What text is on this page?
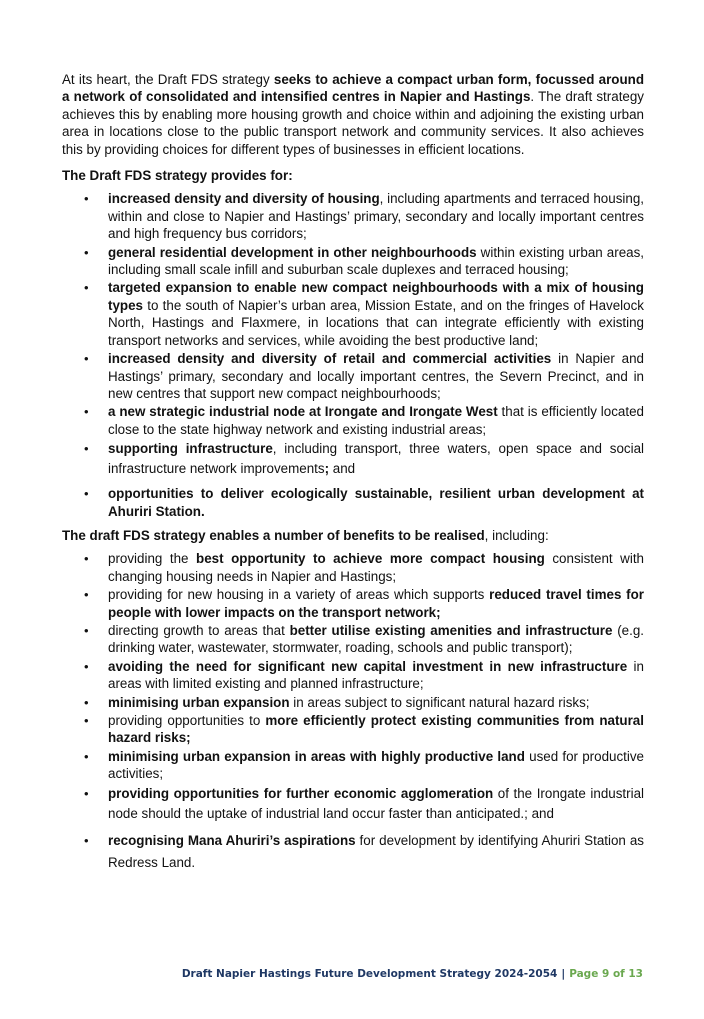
At its heart, the Draft FDS strategy seeks to achieve a compact urban form, focussed around a network of consolidated and intensified centres in Napier and Hastings. The draft strategy achieves this by enabling more housing growth and choice within and adjoining the existing urban area in locations close to the public transport network and community services. It also achieves this by providing choices for different types of businesses in efficient locations.

The Draft FDS strategy provides for:

• increased density and diversity of housing, including apartments and terraced housing, within and close to Napier and Hastings’ primary, secondary and locally important centres and high frequency bus corridors;
• general residential development in other neighbourhoods within existing urban areas, including small scale infill and suburban scale duplexes and terraced housing;
• targeted expansion to enable new compact neighbourhoods with a mix of housing types to the south of Napier’s urban area, Mission Estate, and on the fringes of Havelock North, Hastings and Flaxmere, in locations that can integrate efficiently with existing transport networks and services, while avoiding the best productive land;
• increased density and diversity of retail and commercial activities in Napier and Hastings’ primary, secondary and locally important centres, the Severn Precinct, and in new centres that support new compact neighbourhoods;
• a new strategic industrial node at Irongate and Irongate West that is efficiently located close to the state highway network and existing industrial areas;
• supporting infrastructure, including transport, three waters, open space and social infrastructure network improvements; and
• opportunities to deliver ecologically sustainable, resilient urban development at Ahuriri Station.

The draft FDS strategy enables a number of benefits to be realised, including:

• providing the best opportunity to achieve more compact housing consistent with changing housing needs in Napier and Hastings;
• providing for new housing in a variety of areas which supports reduced travel times for people with lower impacts on the transport network;
• directing growth to areas that better utilise existing amenities and infrastructure (e.g. drinking water, wastewater, stormwater, roading, schools and public transport);
• avoiding the need for significant new capital investment in new infrastructure in areas with limited existing and planned infrastructure;
• minimising urban expansion in areas subject to significant natural hazard risks;
• providing opportunities to more efficiently protect existing communities from natural hazard risks;
• minimising urban expansion in areas with highly productive land used for productive activities;
• providing opportunities for further economic agglomeration of the Irongate industrial node should the uptake of industrial land occur faster than anticipated.; and
• recognising Mana Ahuriri’s aspirations for development by identifying Ahuriri Station as Redress Land.
Draft Napier Hastings Future Development Strategy 2024-2054 | Page 9 of 13
